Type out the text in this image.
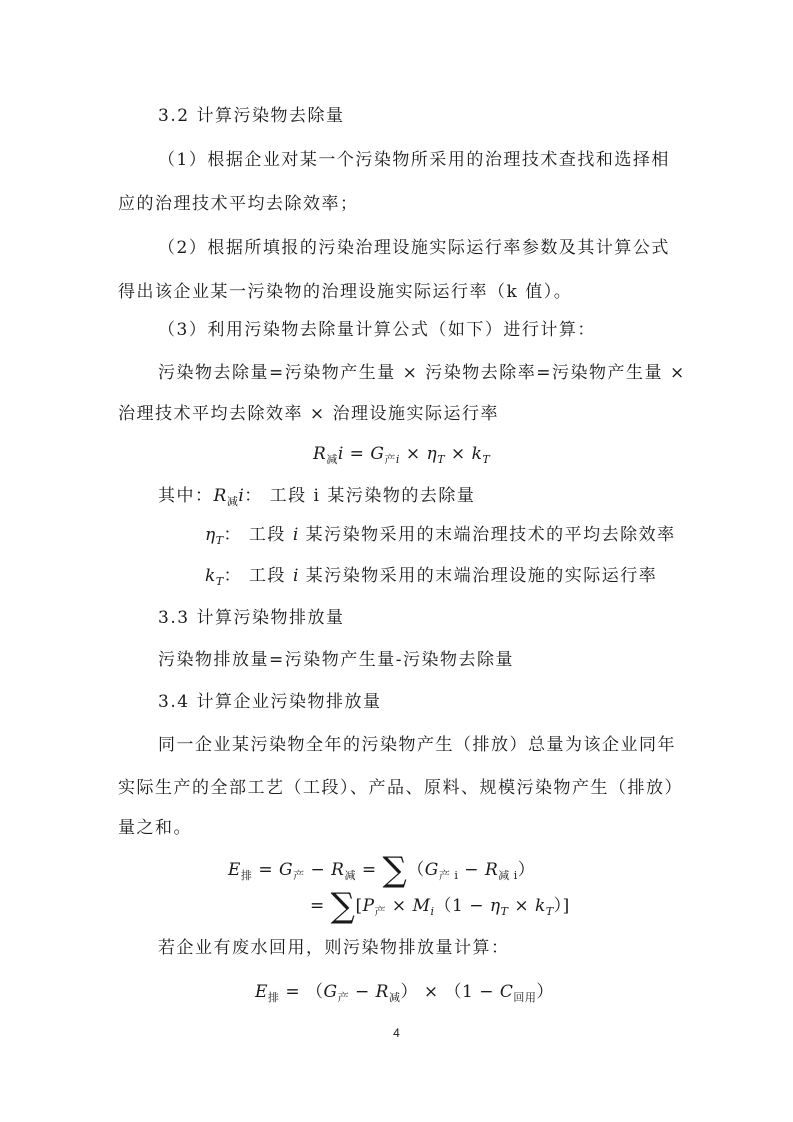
3.2 计算污染物去除量
（1）根据企业对某一个污染物所采用的治理技术查找和选择相
应的治理技术平均去除效率；
（2）根据所填报的污染治理设施实际运行率参数及其计算公式
得出该企业某一污染物的治理设施实际运行率（k 值）。
（3）利用污染物去除量计算公式（如下）进行计算：
污染物去除量=污染物产生量 × 污染物去除率=污染物产生量 ×
治理技术平均去除效率 × 治理设施实际运行率
$R_减i = G_{产i} \times \eta_T \times k_T$
其中：$R_减i$： 工段 i 某污染物的去除量
$\eta_T$： 工段 i 某污染物采用的末端治理技术的平均去除效率
$k_T$： 工段 i 某污染物采用的末端治理设施的实际运行率
3.3 计算污染物排放量
污染物排放量=污染物产生量-污染物去除量
3.4 计算企业污染物排放量
同一企业某污染物全年的污染物产生（排放）总量为该企业同年
实际生产的全部工艺（工段）、产品、原料、规模污染物产生（排放）
量之和。
$E_排 = G_产 - R_减 = \sum(G_产$ $_i - R_减$ $_i$）
= $\sum[P_产 \times M_i(1 - \eta_T \times k_T)]$
若企业有废水回用，则污染物排放量计算：
$E_排 = (G_产 - R_减) \times (1 - C_{回用})$
4
